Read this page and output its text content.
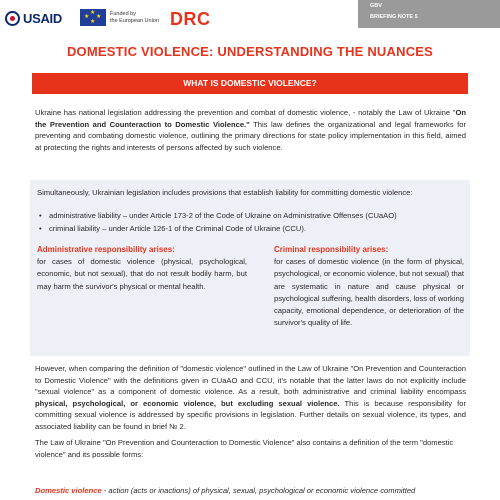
USAID	★
★ ★
★
Funded by
the European Union DRC
GBV
BRIEFING NOTE 5
DOMESTIC VIOLENCE: UNDERSTANDING THE NUANCES
WHAT IS DOMESTIC VIOLENCE?
Ukraine has national legislation addressing the prevention and combat of domestic violence, - notably the Law of Ukraine "On the Prevention and Counteraction to Domestic Violence." This law defines the organizational and legal frameworks for preventing and combating domestic violence, outlining the primary directions for state policy implementation in this field, aimed at protecting the rights and interests of persons affected by such violence.
Simultaneously, Ukrainian legislation includes provisions that establish liability for committing domestic violence:
• administrative liability – under Article 173-2 of the Code of Ukraine on Administrative Offenses (CUaAO)
• criminal liability – under Article 126-1 of the Criminal Code of Ukraine (CCU).
Administrative responsibility arises:
for cases of domestic violence (physical, psychological, economic, but not sexual), that do not result bodily harm, but may harm the survivor's physical or mental health.
Criminal responsibility arises:
for cases of domestic violence (in the form of physical, psychological, or economic violence, but not sexual) that are systematic in nature and cause physical or psychological suffering, health disorders, loss of working capacity, emotional dependence, or deterioration of the survivor's quality of life.
However, when comparing the definition of "domestic violence" outlined in the Law of Ukraine "On Prevention and Counteraction to Domestic Violence" with the definitions given in CUaAO and CCU, it's notable that the latter laws do not explicitly include "sexual violence" as a component of domestic violence. As a result, both administrative and criminal liability encompass physical, psychological, or economic violence, but excluding sexual violence. This is because responsibility for committing sexual violence is addressed by specific provisions in legislation. Further details on sexual violence, its types, and associated liability can be found in brief № 2.
The Law of Ukraine "On Prevention and Counteraction to Domestic Violence" also contains a definition of the term "domestic violence" and its possible forms:
Domestic violence - action (acts or inactions) of physical, sexual, psychological or economic violence committed
